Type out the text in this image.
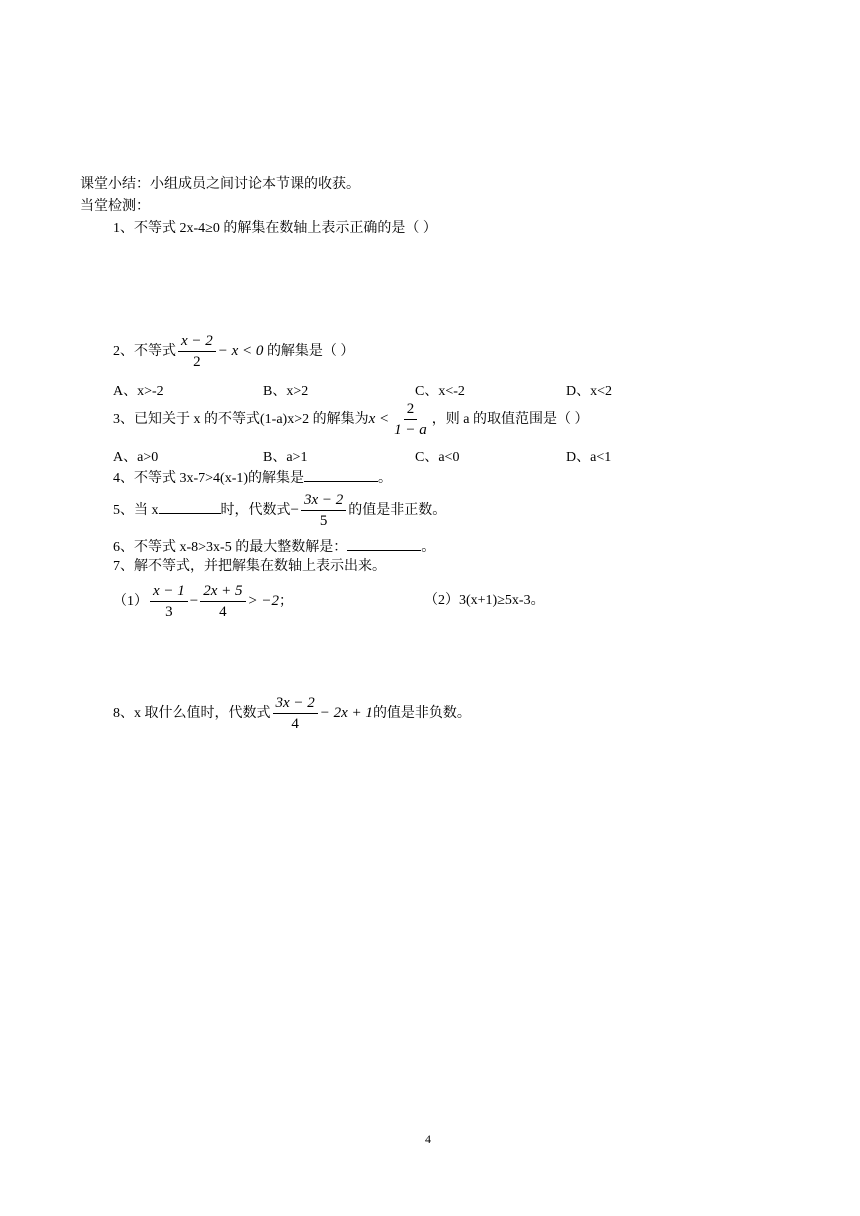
课堂小结：小组成员之间讨论本节课的收获。
当堂检测：
1、不等式 2x-4≥0 的解集在数轴上表示正确的是（ ）
2、不等式 $\frac{x - 2}{2} - x < 0$ 的解集是（ ）
A、x>-2	B、x>2	C、x<-2	D、x<2
3、已知关于 x 的不等式(1-a)x>2 的解集为$x < \frac{2}{1 - a}$ ，则 a 的取值范围是（ ）
A、a>0	B、a>1	C、a<0	D、a<1
4、不等式 3x-7>4(x-1)的解集是	。
5、当 x	时，代数式− $\frac{3x - 2}{5}$ 的值是非正数。
6、不等式 x-8>3x-5 的最大整数解是：	。
7、解不等式，并把解集在数轴上表示出来。
$(1) \frac{x - 1}{3} - \frac{2x + 5}{4} > -2$；	（2）3(x+1)≥5x-3。
8、x 取什么值时，代数式 $\frac{3x - 2}{4} - 2x + 1$的值是非负数。
4
